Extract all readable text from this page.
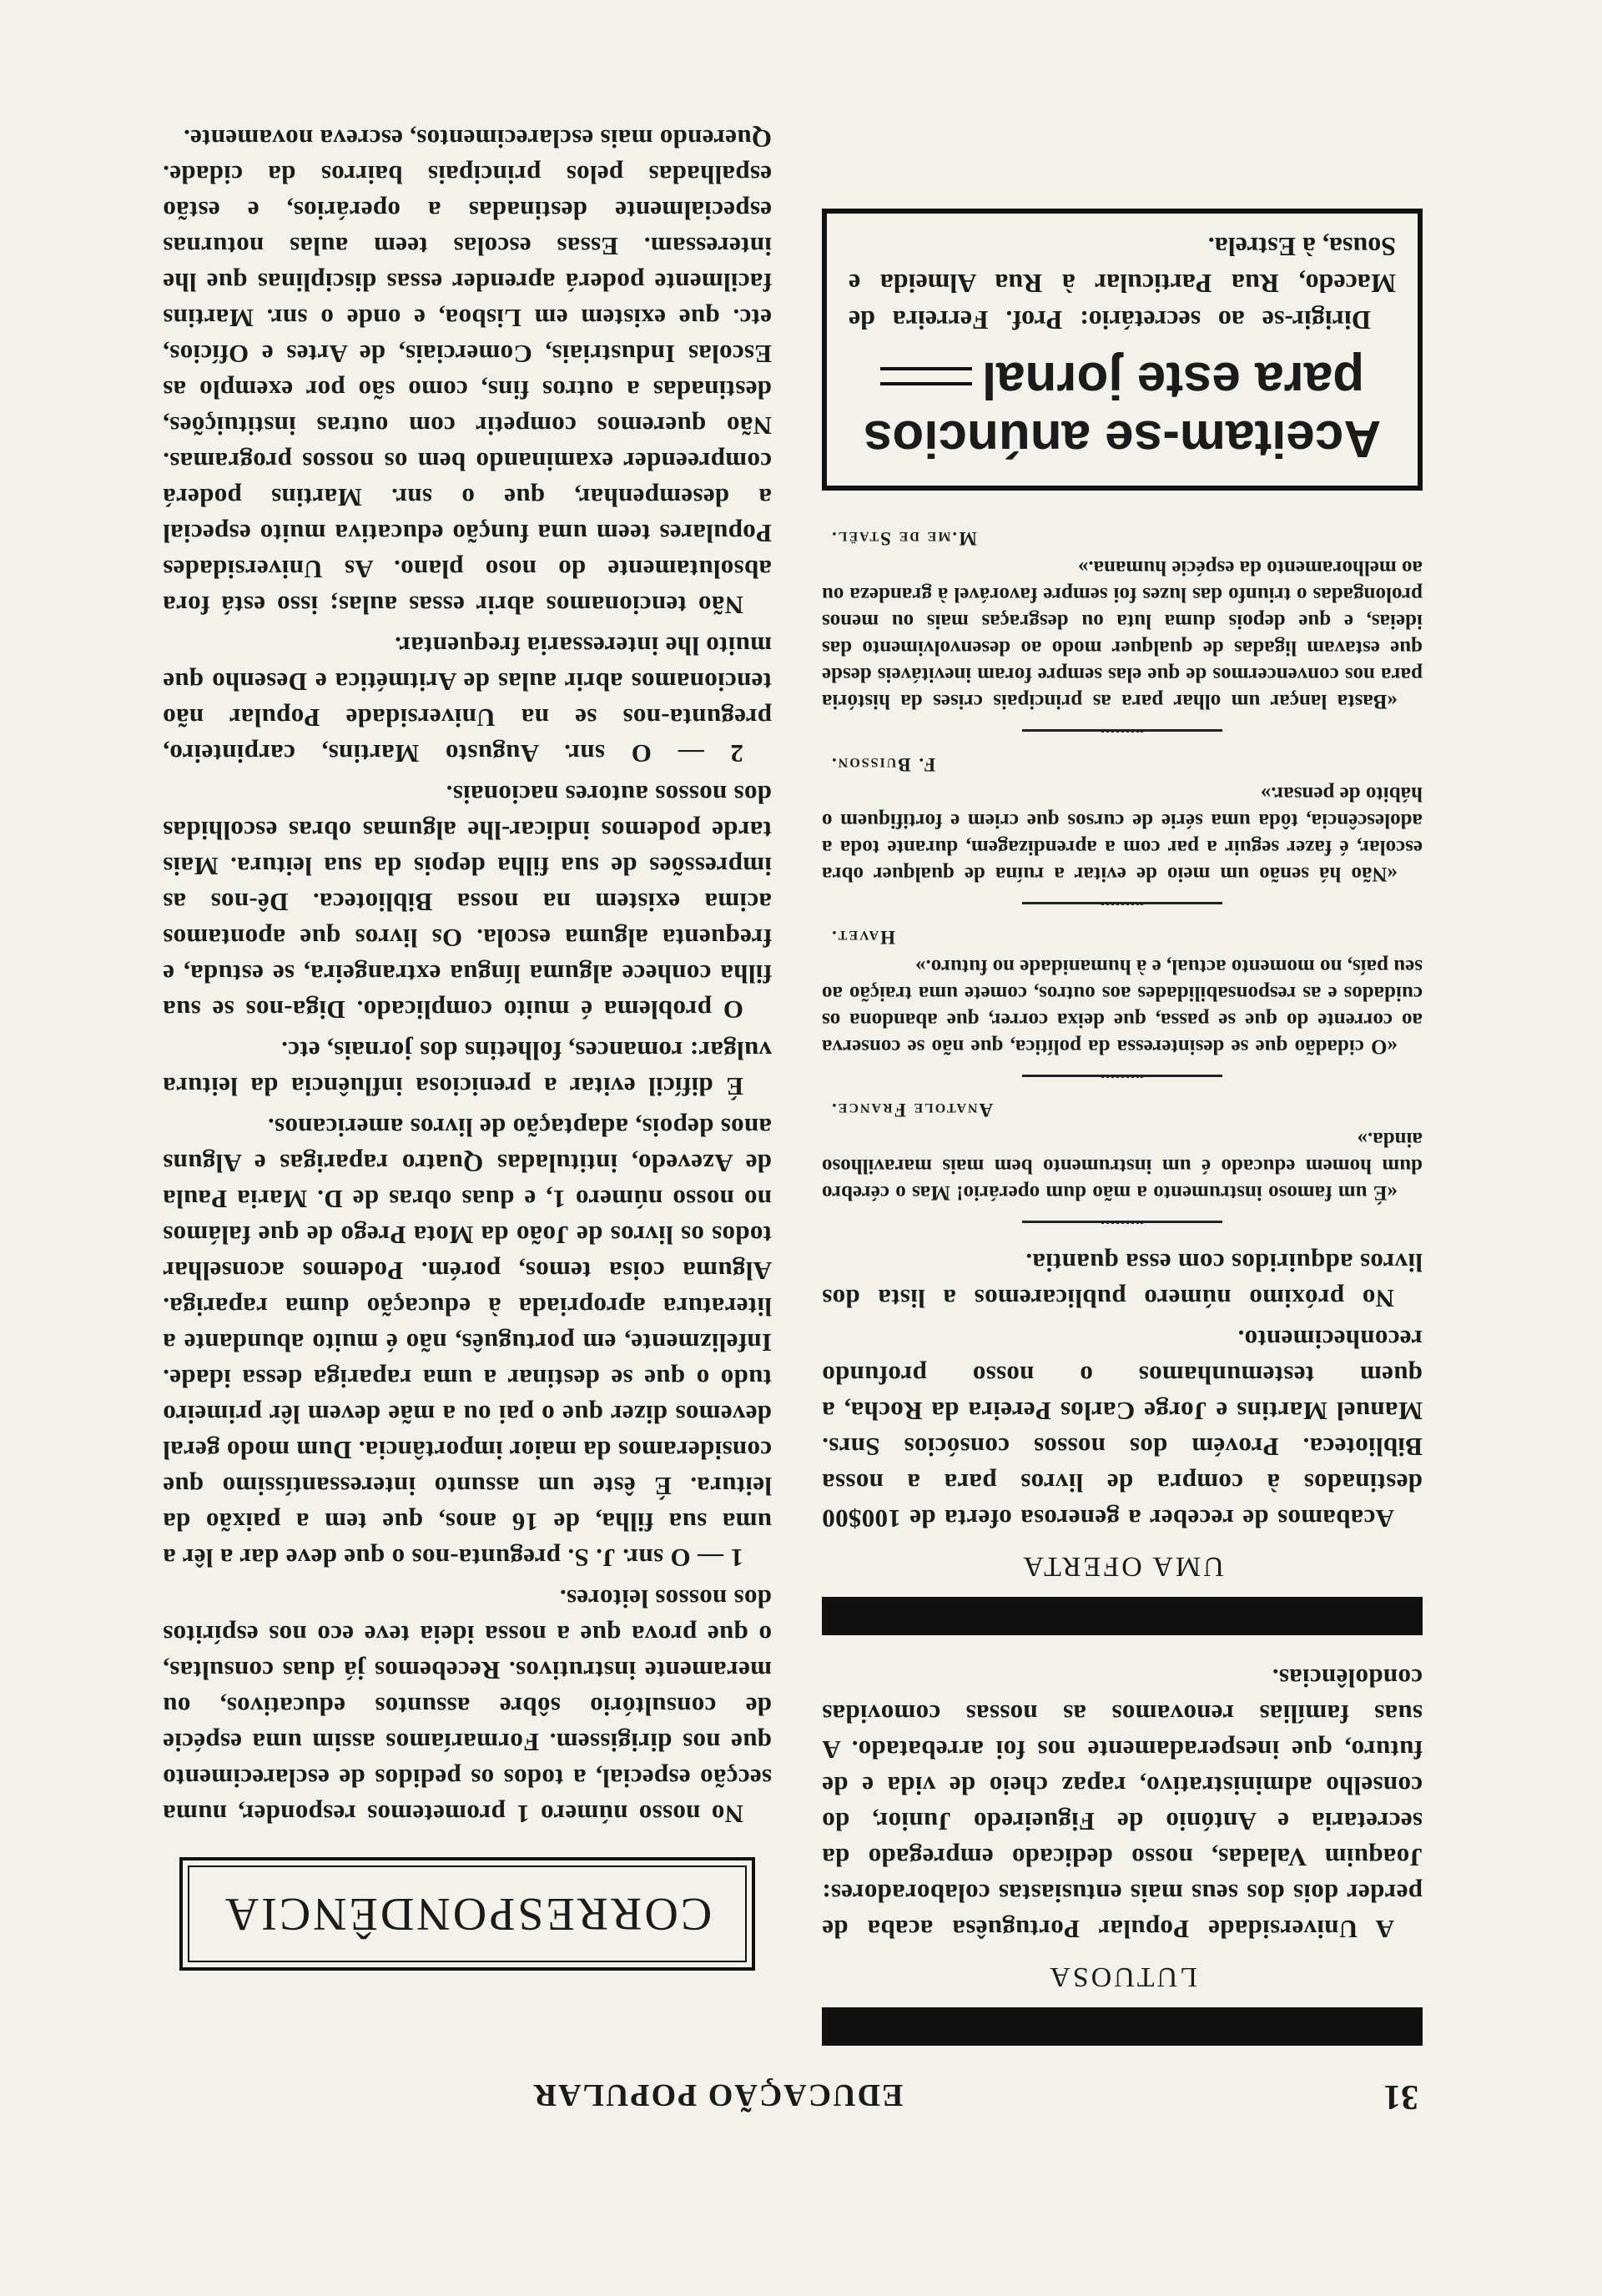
31
EDUCAÇÃO POPULAR
LUTUOSA

A Universidade Popular Portuguêsa acaba de perder dois dos seus mais entusiastas colaboradores: Joaquim Valadas, nosso dedicado empregado da secretaria e António de Figueiredo Junior, do conselho administrativo, rapaz cheio de vida e de futuro, que inesperadamente nos foi arrebatado. A suas famílias renovamos as nossas comovidas condolências.

UMA OFERTA

Acabamos de receber a generosa oferta de 100$00 destinados à compra de livros para a nossa Biblioteca. Provém dos nossos consócios Snrs. Manuel Martins e Jorge Carlos Pereira da Rocha, a quem testemunhamos o nosso profundo reconhecimento.

No próximo número publicaremos a lista dos livros adquiridos com essa quantia.

«É um famoso instrumento a mão dum operário! Mas o cérebro dum homem educado é um instrumento bem mais maravilhoso ainda.»

Anatole France.

«O cidadão que se desinteressa da política, que não se conserva ao corrente do que se passa, que deixa correr, que abandona os cuidados e as responsabilidades aos outros, comete uma traição ao seu país, no momento actual, e à humanidade no futuro.»

Havet.

«Não há senão um meio de evitar a ruína de qualquer obra escolar, é fazer seguir a par com a aprendizagem, durante toda a adolescência, tôda uma série de cursos que criem e fortifiquem o hábito de pensar.»

F. Buisson.

«Basta lançar um olhar para as principais crises da história para nos convencermos de que elas sempre foram inevitáveis desde que estavam ligadas de qualquer modo ao desenvolvimento das ideias, e que depois duma luta ou desgraças mais ou menos prolongadas o triunfo das luzes foi sempre favorável à grandeza ou ao melhoramento da espécie humana.»

M.me de Staël.
Aceitam-se anúncios
para este jornal
Dirigir-se ao secretário: Prof. Ferreira de Macedo, Rua Particular à Rua Almeida e Sousa, à Estrela.
CORRESPONDÊNCIA

No nosso número 1 prometemos responder, numa secção especial, a todos os pedidos de esclarecimento que nos dirigissem. Formaríamos assim uma espécie de consultório sôbre assuntos educativos, ou meramente instrutivos. Recebemos já duas consultas, o que prova que a nossa ideia teve eco nos espíritos dos nossos leitores.

1 — O snr. J. S. pregunta-nos o que deve dar a lêr a uma sua filha, de 16 anos, que tem a paixão da leitura. É êste um assunto interessantíssimo que consideramos da maior importância. Dum modo geral devemos dizer que o pai ou a mãe devem lêr primeiro tudo o que se destinar a uma rapariga dessa idade. Infelizmente, em português, não é muito abundante a literatura apropriada à educação duma rapariga. Alguma coisa temos, porém. Podemos aconselhar todos os livros de João da Mota Prego de que falámos no nosso número 1, e duas obras de D. Maria Paula de Azevedo, intituladas Quatro raparigas e Alguns anos depois, adaptação de livros americanos.

É difícil evitar a preniciosa influência da leitura vulgar: romances, folhetins dos jornais, etc.

O problema é muito complicado. Diga-nos se sua filha conhece alguma língua extrangeira, se estuda, e frequenta alguma escola. Os livros que apontamos acima existem na nossa Biblioteca. Dê-nos as impressões de sua filha depois da sua leitura. Mais tarde podemos indicar-lhe algumas obras escolhidas dos nossos autores nacionais.

2 — O snr. Augusto Martins, carpinteiro, pregunta-nos se na Universidade Popular não tencionamos abrir aulas de Aritmética e Desenho que muito lhe interessaria frequentar.

Não tencionamos abrir essas aulas; isso está fora absolutamente do noso plano. As Universidades Populares teem uma função educativa muito especial a desempenhar, que o snr. Martins poderá compreender examinando bem os nossos programas. Não queremos competir com outras instituições, destinadas a outros fins, como são por exemplo as Escolas Industriais, Comerciais, de Artes e Ofícios, etc. que existem em Lisboa, e onde o snr. Martins facilmente poderá aprender essas disciplinas que lhe interessam. Essas escolas teem aulas noturnas especialmente destinadas a operários, e estão espalhadas pelos principais bairros da cidade. Querendo mais esclarecimentos, escreva novamente.
